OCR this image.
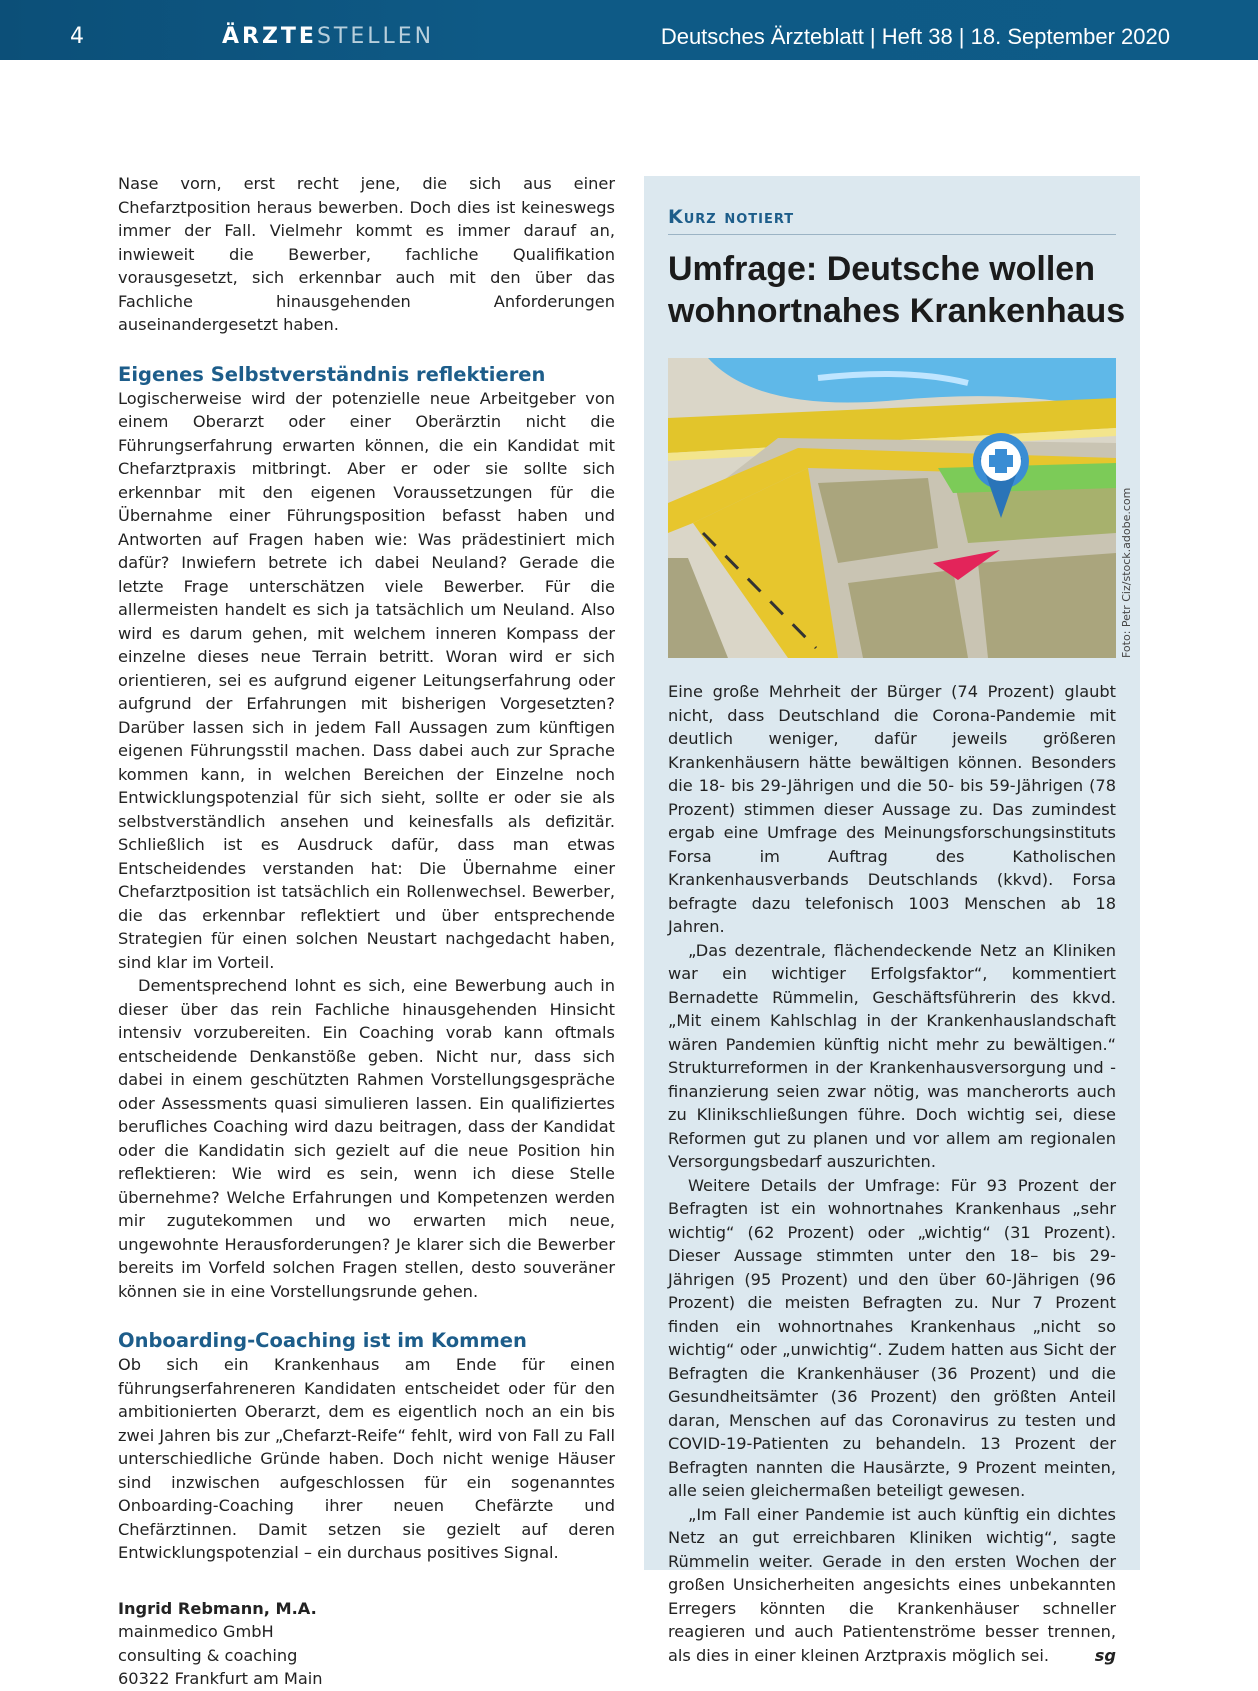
4	ÄRZTESTELLEN	Deutsches Ärzteblatt | Heft 38 | 18. September 2020

Nase vorn, erst recht jene, die sich aus einer Chefarztposition heraus bewerben. Doch dies ist keineswegs immer der Fall. Vielmehr kommt es immer darauf an, inwieweit die Bewerber, fachliche Qualifikation vorausgesetzt, sich erkennbar auch mit den über das Fachliche hinausgehenden Anforderungen auseinandergesetzt haben.

Eigenes Selbstverständnis reflektieren

Logischerweise wird der potenzielle neue Arbeitgeber von einem Oberarzt oder einer Oberärztin nicht die Führungserfahrung erwarten können, die ein Kandidat mit Chefarztpraxis mitbringt. Aber er oder sie sollte sich erkennbar mit den eigenen Voraussetzungen für die Übernahme einer Führungsposition befasst haben und Antworten auf Fragen haben wie: Was prädestiniert mich dafür? Inwiefern betrete ich dabei Neuland? Gerade die letzte Frage unterschätzen viele Bewerber. Für die allermeisten handelt es sich ja tatsächlich um Neuland. Also wird es darum gehen, mit welchem inneren Kompass der einzelne dieses neue Terrain betritt. Woran wird er sich orientieren, sei es aufgrund eigener Leitungserfahrung oder aufgrund der Erfahrungen mit bisherigen Vorgesetzten? Darüber lassen sich in jedem Fall Aussagen zum künftigen eigenen Führungsstil machen. Dass dabei auch zur Sprache kommen kann, in welchen Bereichen der Einzelne noch Entwicklungspotenzial für sich sieht, sollte er oder sie als selbstverständlich ansehen und keinesfalls als defizitär. Schließlich ist es Ausdruck dafür, dass man etwas Entscheidendes verstanden hat: Die Übernahme einer Chefarztposition ist tatsächlich ein Rollenwechsel. Bewerber, die das erkennbar reflektiert und über entsprechende Strategien für einen solchen Neustart nachgedacht haben, sind klar im Vorteil.

Dementsprechend lohnt es sich, eine Bewerbung auch in dieser über das rein Fachliche hinausgehenden Hinsicht intensiv vorzubereiten. Ein Coaching vorab kann oftmals entscheidende Denkanstöße geben. Nicht nur, dass sich dabei in einem geschützten Rahmen Vorstellungsgespräche oder Assessments quasi simulieren lassen. Ein qualifiziertes berufliches Coaching wird dazu beitragen, dass der Kandidat oder die Kandidatin sich gezielt auf die neue Position hin reflektieren: Wie wird es sein, wenn ich diese Stelle übernehme? Welche Erfahrungen und Kompetenzen werden mir zugutekommen und wo erwarten mich neue, ungewohnte Herausforderungen? Je klarer sich die Bewerber bereits im Vorfeld solchen Fragen stellen, desto souveräner können sie in eine Vorstellungsrunde gehen.

Onboarding-Coaching ist im Kommen

Ob sich ein Krankenhaus am Ende für einen führungserfahreneren Kandidaten entscheidet oder für den ambitionierten Oberarzt, dem es eigentlich noch an ein bis zwei Jahren bis zur „Chefarzt-Reife“ fehlt, wird von Fall zu Fall unterschiedliche Gründe haben. Doch nicht wenige Häuser sind inzwischen aufgeschlossen für ein sogenanntes Onboarding-Coaching ihrer neuen Chefärzte und Chefärztinnen. Damit setzen sie gezielt auf deren Entwicklungspotenzial – ein durchaus positives Signal.

Ingrid Rebmann, M.A.

mainmedico GmbH

consulting & coaching

60322 Frankfurt am Main

Kurz notiert
Umfrage: Deutsche wollen wohnortnahes Krankenhaus
Foto: Petr Ciz/stock.adobe.com

Eine große Mehrheit der Bürger (74 Prozent) glaubt nicht, dass Deutschland die Corona-Pandemie mit deutlich weniger, dafür jeweils größeren Krankenhäusern hätte bewältigen können. Besonders die 18- bis 29-Jährigen und die 50- bis 59-Jährigen (78 Prozent) stimmen dieser Aussage zu. Das zumindest ergab eine Umfrage des Meinungsforschungsinstituts Forsa im Auftrag des Katholischen Krankenhausverbands Deutschlands (kkvd). Forsa befragte dazu telefonisch 1003 Menschen ab 18 Jahren.

„Das dezentrale, flächendeckende Netz an Kliniken war ein wichtiger Erfolgsfaktor“, kommentiert Bernadette Rümmelin, Geschäftsführerin des kkvd. „Mit einem Kahlschlag in der Krankenhauslandschaft wären Pandemien künftig nicht mehr zu bewältigen.“ Strukturreformen in der Krankenhausversorgung und -finanzierung seien zwar nötig, was mancherorts auch zu Klinikschließungen führe. Doch wichtig sei, diese Reformen gut zu planen und vor allem am regionalen Versorgungsbedarf auszurichten.

Weitere Details der Umfrage: Für 93 Prozent der Befragten ist ein wohnortnahes Krankenhaus „sehr wichtig“ (62 Prozent) oder „wichtig“ (31 Prozent). Dieser Aussage stimmten unter den 18– bis 29-Jährigen (95 Prozent) und den über 60-Jährigen (96 Prozent) die meisten Befragten zu. Nur 7 Prozent finden ein wohnortnahes Krankenhaus „nicht so wichtig“ oder „unwichtig“. Zudem hatten aus Sicht der Befragten die Krankenhäuser (36 Prozent) und die Gesundheitsämter (36 Prozent) den größten Anteil daran, Menschen auf das Coronavirus zu testen und COVID-19-Patienten zu behandeln. 13 Prozent der Befragten nannten die Hausärzte, 9 Prozent meinten, alle seien gleichermaßen beteiligt gewesen.

„Im Fall einer Pandemie ist auch künftig ein dichtes Netz an gut erreichbaren Kliniken wichtig“, sagte Rümmelin weiter. Gerade in den ersten Wochen der großen Unsicherheiten angesichts eines unbekannten Erregers könnten die Krankenhäuser schneller reagieren und auch Patientenströme besser trennen, als dies in einer kleinen Arztpraxis möglich sei.	sg
